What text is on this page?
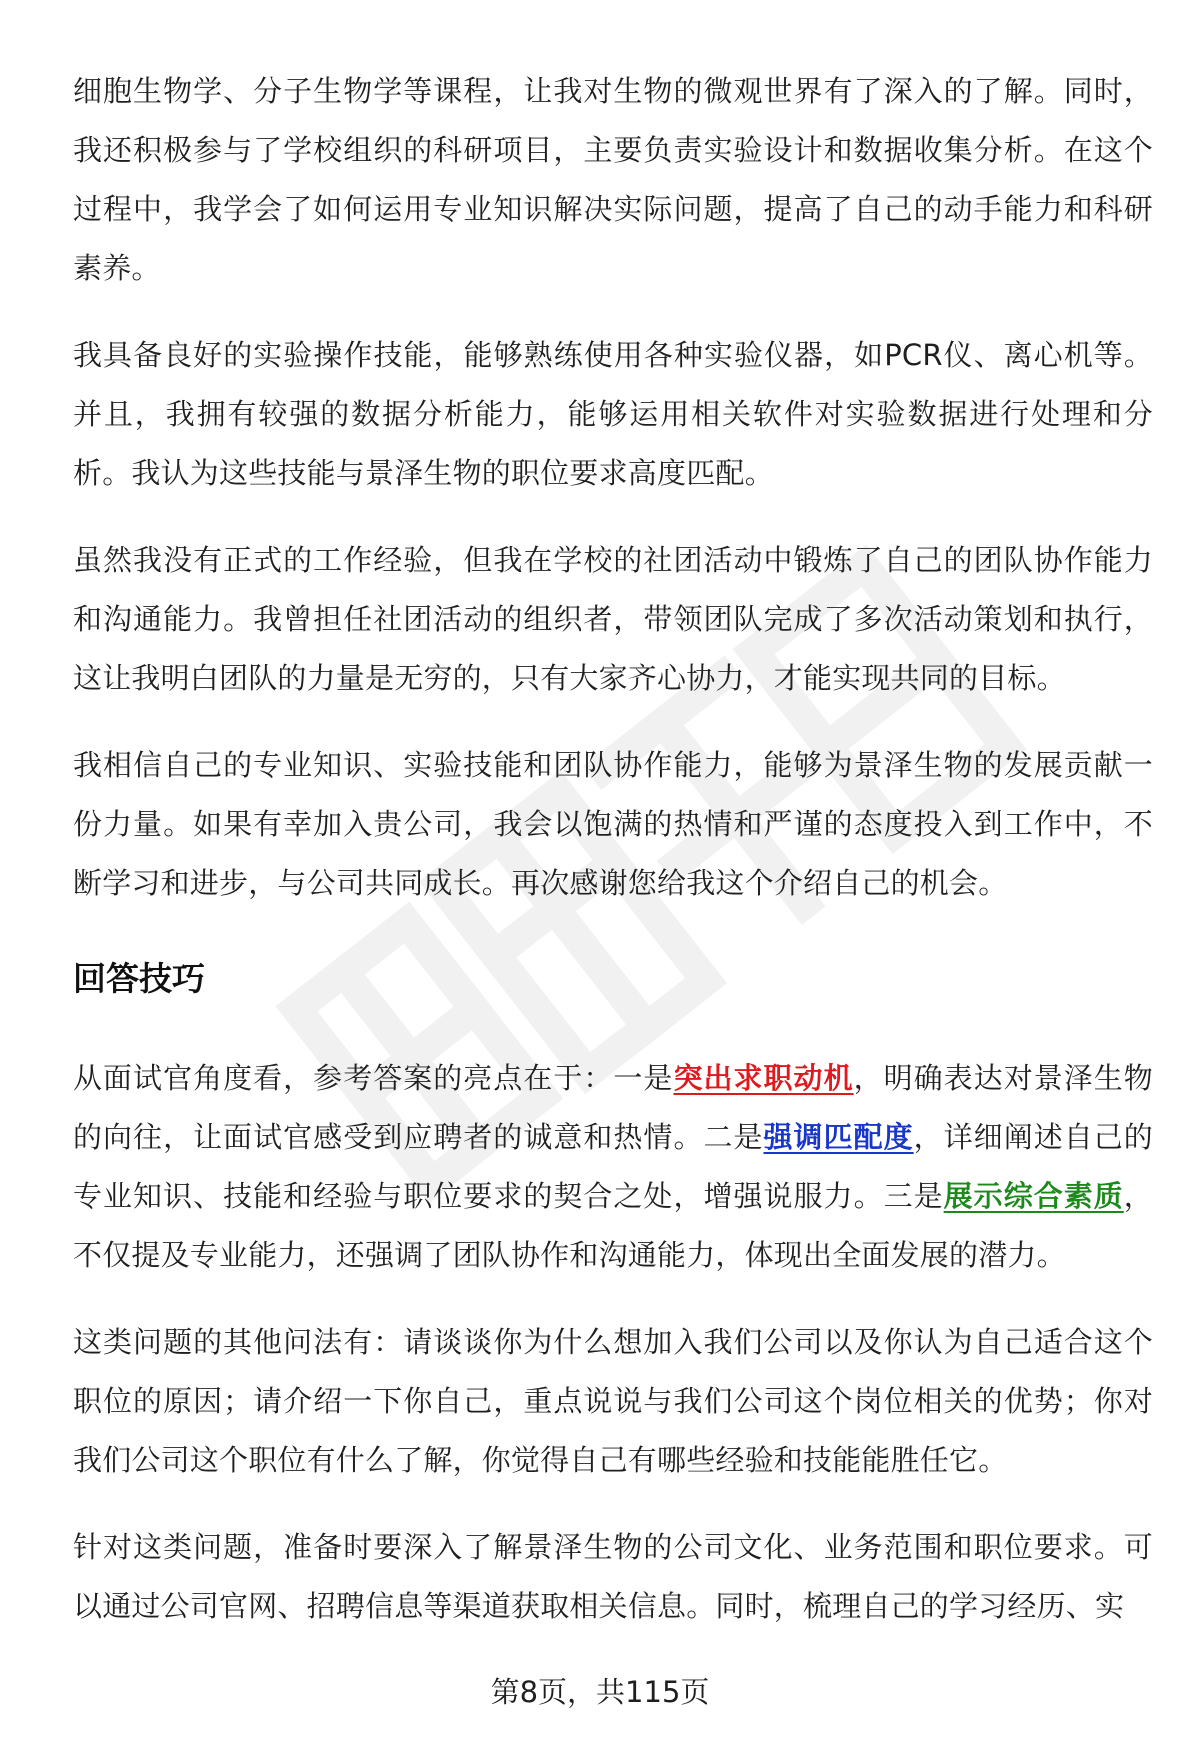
细胞生物学、分子生物学等课程，让我对生物的微观世界有了深入的了解。同时，我还积极参与了学校组织的科研项目，主要负责实验设计和数据收集分析。在这个过程中，我学会了如何运用专业知识解决实际问题，提高了自己的动手能力和科研素养。

我具备良好的实验操作技能，能够熟练使用各种实验仪器，如PCR仪、离心机等。并且，我拥有较强的数据分析能力，能够运用相关软件对实验数据进行处理和分析。我认为这些技能与景泽生物的职位要求高度匹配。

虽然我没有正式的工作经验，但我在学校的社团活动中锻炼了自己的团队协作能力和沟通能力。我曾担任社团活动的组织者，带领团队完成了多次活动策划和执行，这让我明白团队的力量是无穷的，只有大家齐心协力，才能实现共同的目标。

我相信自己的专业知识、实验技能和团队协作能力，能够为景泽生物的发展贡献一份力量。如果有幸加入贵公司，我会以饱满的热情和严谨的态度投入到工作中，不断学习和进步，与公司共同成长。再次感谢您给我这个介绍自己的机会。

回答技巧

从面试官角度看，参考答案的亮点在于：一是突出求职动机，明确表达对景泽生物的向往，让面试官感受到应聘者的诚意和热情。二是强调匹配度，详细阐述自己的专业知识、技能和经验与职位要求的契合之处，增强说服力。三是展示综合素质，不仅提及专业能力，还强调了团队协作和沟通能力，体现出全面发展的潜力。

这类问题的其他问法有：请谈谈你为什么想加入我们公司以及你认为自己适合这个职位的原因；请介绍一下你自己，重点说说与我们公司这个岗位相关的优势；你对我们公司这个职位有什么了解，你觉得自己有哪些经验和技能能胜任它。

针对这类问题，准备时要深入了解景泽生物的公司文化、业务范围和职位要求。可以通过公司官网、招聘信息等渠道获取相关信息。同时，梳理自己的学习经历、实

第8页，共115页
